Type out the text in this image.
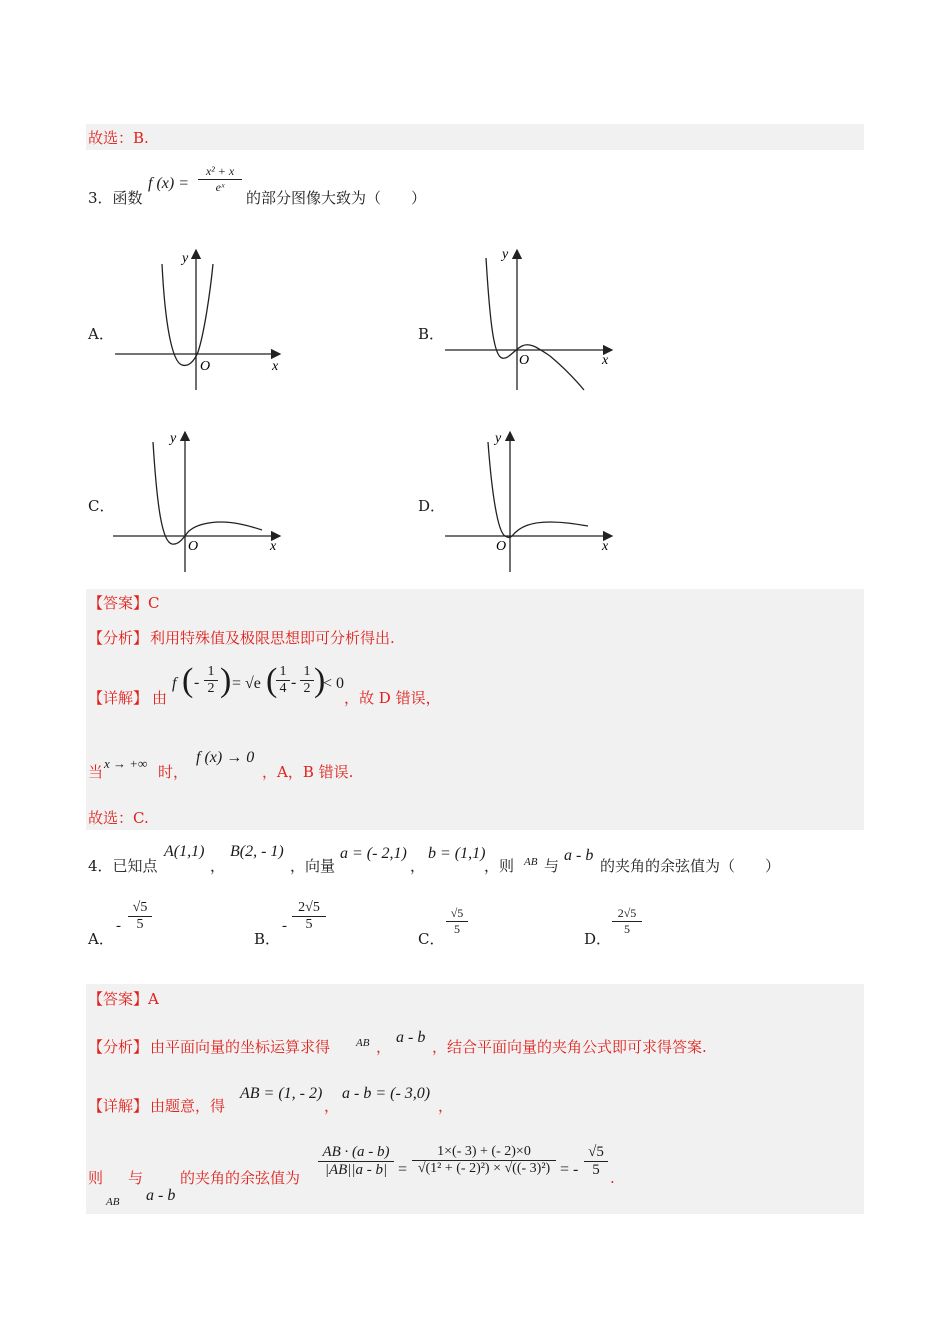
故选：B.
3．函数
f $(x) = \frac{\text{x² + x}}{\text{eˣ}}$
的部分图像大致为（　　）
A．	B．
C．	D．
y
x
O
y
x
O
y
x
O
y
x
O
【答案】C
【分析】 利用特殊值及极限思想即可分析得出.
【详解】 由
f ( - $\frac{1}{2}$ ) = √e (
$\frac{1}{4} - \frac{1}{2}$ )
< 0
，故 D 错误，
当 x → +∞ 时，
f (x) → 0
，A，B 错误.
故选：C.
4．已知点
A(1,1)
，
B(2, - 1)
，向量
a = (- 2,1)
，
b = (1,1)
，则 AB 与
a - b
的夹角的余弦值为（　　）
A．
- $\frac{√5}{5}$
B．
- $\frac{2√5}{5}$
C．
$\frac{√5}{5}$
D．
$\frac{2√5}{5}$
【答案】A
【分析】 由平面向量的坐标运算求得 AB ，
a - b
，结合平面向量的夹角公式即可求得答案.
【详解】 由题意，得
AB = (1, - 2)
，
a - b = (- 3,0)
，
则
AB
与
a - b
的夹角的余弦值为 $\frac{AB \cdot (a - b)}{|AB||a - b|} = \frac{1\times(- 3) + (- 2)\times 0}{\text{√(1² + (- 2)²) × √((- 3)²)}}$ = - $\frac{√5}{5}$ .
